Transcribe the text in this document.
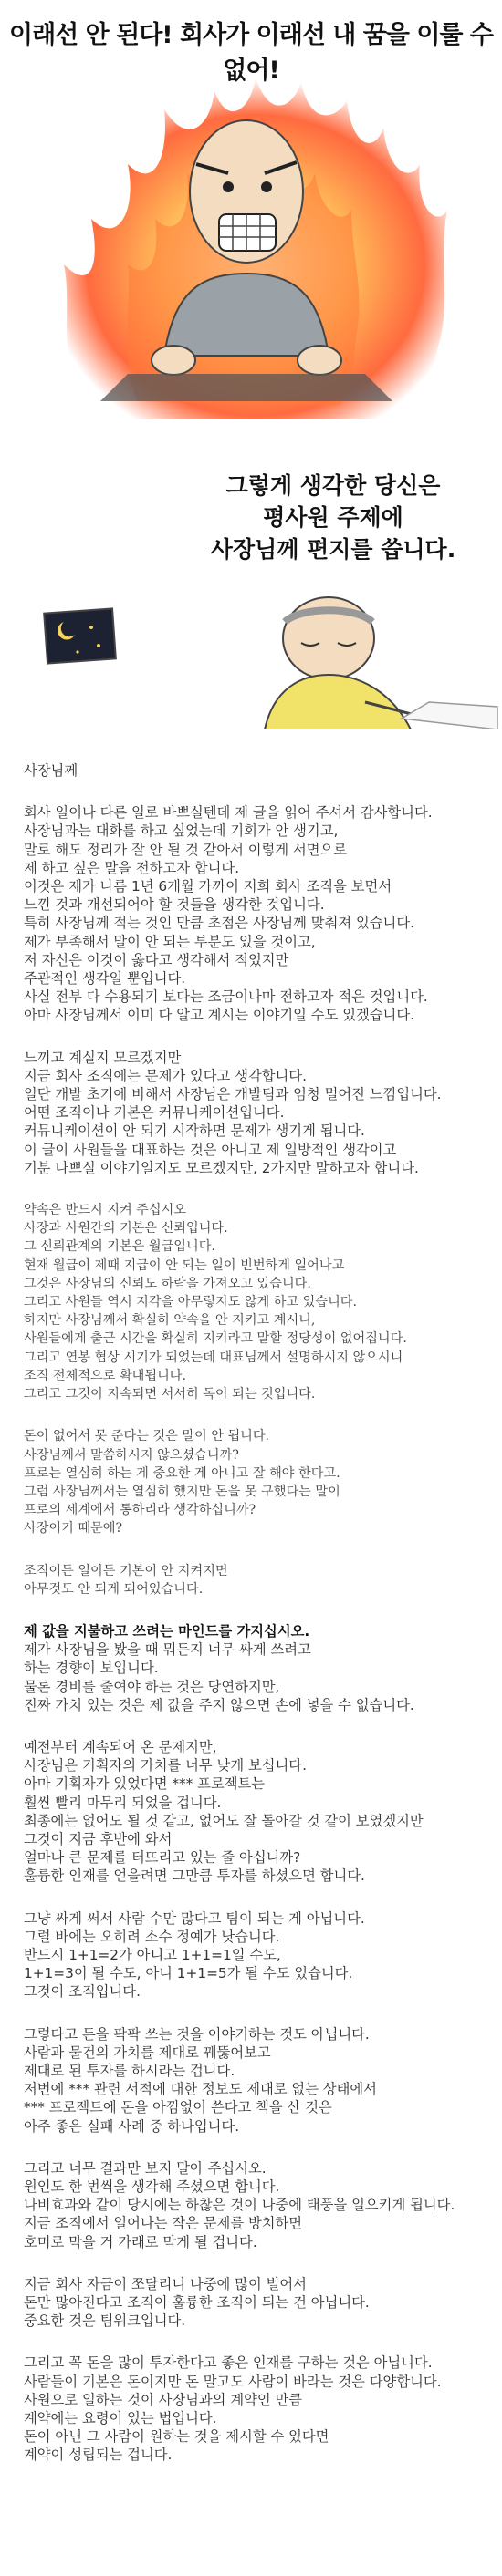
이래선 안 된다! 회사가 이래선 내 꿈을 이룰 수 없어!
그렇게 생각한 당신은
평사원 주제에
사장님께 편지를 씁니다.
사장님께
회사 일이나 다른 일로 바쁘실텐데 제 글을 읽어 주셔서 감사합니다.
사장님과는 대화를 하고 싶었는데 기회가 안 생기고,
말로 해도 정리가 잘 안 될 것 같아서 이렇게 서면으로
제 하고 싶은 말을 전하고자 합니다.
이것은 제가 나름 1년 6개월 가까이 저희 회사 조직을 보면서
느낀 것과 개선되어야 할 것들을 생각한 것입니다.
특히 사장님께 적는 것인 만큼 초점은 사장님께 맞춰져 있습니다.
제가 부족해서 말이 안 되는 부분도 있을 것이고,
저 자신은 이것이 옳다고 생각해서 적었지만
주관적인 생각일 뿐입니다.
사실 전부 다 수용되기 보다는 조금이나마 전하고자 적은 것입니다.
아마 사장님께서 이미 다 알고 계시는 이야기일 수도 있겠습니다.
느끼고 계실지 모르겠지만
지금 회사 조직에는 문제가 있다고 생각합니다.
일단 개발 초기에 비해서 사장님은 개발팀과 엄청 멀어진 느낌입니다.
어떤 조직이나 기본은 커뮤니케이션입니다.
커뮤니케이션이 안 되기 시작하면 문제가 생기게 됩니다.
이 글이 사원들을 대표하는 것은 아니고 제 일방적인 생각이고
기분 나쁘실 이야기일지도 모르겠지만, 2가지만 말하고자 합니다.
약속은 반드시 지켜 주십시오
사장과 사원간의 기본은 신뢰입니다.
그 신뢰관계의 기본은 월급입니다.
현재 월급이 제때 지급이 안 되는 일이 빈번하게 일어나고
그것은 사장님의 신뢰도 하락을 가져오고 있습니다.
그리고 사원들 역시 지각을 아무렇지도 않게 하고 있습니다.
하지만 사장님께서 확실히 약속을 안 지키고 계시니,
사원들에게 출근 시간을 확실히 지키라고 말할 정당성이 없어집니다.
그리고 연봉 협상 시기가 되었는데 대표님께서 설명하시지 않으시니
조직 전체적으로 확대됩니다.
그리고 그것이 지속되면 서서히 독이 되는 것입니다.
돈이 없어서 못 준다는 것은 말이 안 됩니다.
사장님께서 말씀하시지 않으셨습니까?
프로는 열심히 하는 게 중요한 게 아니고 잘 해야 한다고.
그럼 사장님께서는 열심히 했지만 돈을 못 구했다는 말이
프로의 세계에서 통하리라 생각하십니까?
사장이기 때문에?
조직이든 일이든 기본이 안 지켜지면
아무것도 안 되게 되어있습니다.
제 값을 지불하고 쓰려는 마인드를 가지십시오.
제가 사장님을 봤을 때 뭐든지 너무 싸게 쓰려고
하는 경향이 보입니다.
물론 경비를 줄여야 하는 것은 당연하지만,
진짜 가치 있는 것은 제 값을 주지 않으면 손에 넣을 수 없습니다.
예전부터 계속되어 온 문제지만,
사장님은 기획자의 가치를 너무 낮게 보십니다.
아마 기획자가 있었다면 *** 프로젝트는
훨씬 빨리 마무리 되었을 겁니다.
최종에는 없어도 될 것 같고, 없어도 잘 돌아갈 것 같이 보였겠지만
그것이 지금 후반에 와서
얼마나 큰 문제를 터뜨리고 있는 줄 아십니까?
훌륭한 인재를 얻을려면 그만큼 투자를 하셨으면 합니다.
그냥 싸게 써서 사람 수만 많다고 팀이 되는 게 아닙니다.
그럴 바에는 오히려 소수 정예가 낫습니다.
반드시 1+1=2가 아니고 1+1=1일 수도,
1+1=3이 될 수도, 아니 1+1=5가 될 수도 있습니다.
그것이 조직입니다.
그렇다고 돈을 팍팍 쓰는 것을 이야기하는 것도 아닙니다.
사람과 물건의 가치를 제대로 꿰뚫어보고
제대로 된 투자를 하시라는 겁니다.
저번에 *** 관련 서적에 대한 정보도 제대로 없는 상태에서
*** 프로젝트에 돈을 아낌없이 쓴다고 책을 산 것은
아주 좋은 실패 사례 중 하나입니다.
그리고 너무 결과만 보지 말아 주십시오.
원인도 한 번씩을 생각해 주셨으면 합니다.
나비효과와 같이 당시에는 하찮은 것이 나중에 태풍을 일으키게 됩니다.
지금 조직에서 일어나는 작은 문제를 방치하면
호미로 막을 거 가래로 막게 될 겁니다.
지금 회사 자금이 쪼달리니 나중에 많이 벌어서
돈만 많아진다고 조직이 훌륭한 조직이 되는 건 아닙니다.
중요한 것은 팀워크입니다.
그리고 꼭 돈을 많이 투자한다고 좋은 인재를 구하는 것은 아닙니다.
사람들이 기본은 돈이지만 돈 말고도 사람이 바라는 것은 다양합니다.
사원으로 일하는 것이 사장님과의 계약인 만큼
계약에는 요령이 있는 법입니다.
돈이 아닌 그 사람이 원하는 것을 제시할 수 있다면
계약이 성립되는 겁니다.
